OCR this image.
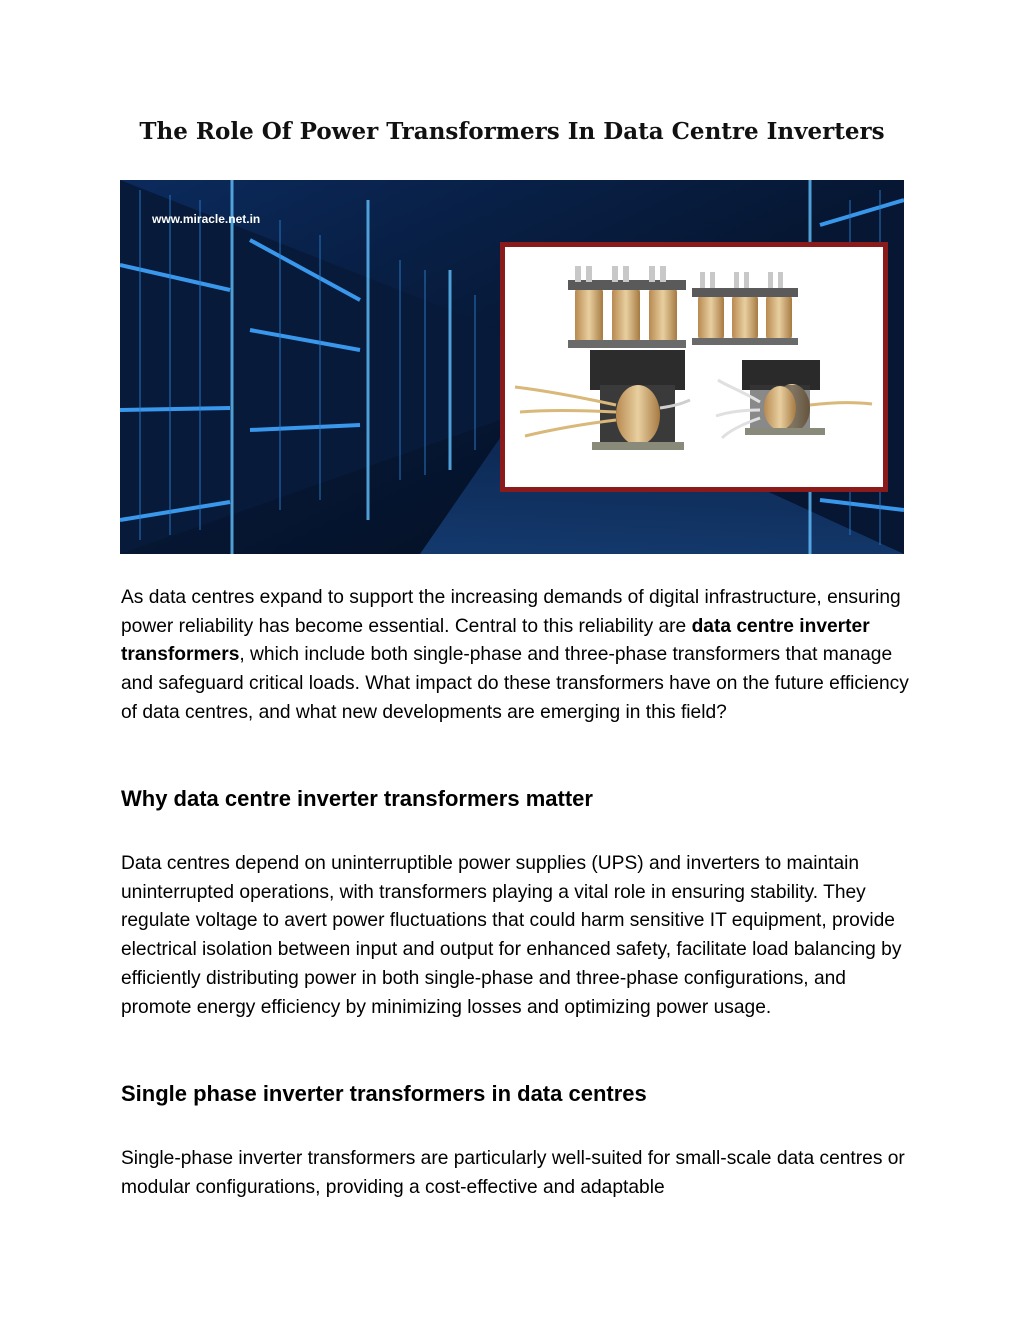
The Role Of Power Transformers In Data Centre Inverters
www.miracle.net.in

As data centres expand to support the increasing demands of digital infrastructure, ensuring power reliability has become essential. Central to this reliability are data centre inverter transformers, which include both single-phase and three-phase transformers that manage and safeguard critical loads. What impact do these transformers have on the future efficiency of data centres, and what new developments are emerging in this field?

Why data centre inverter transformers matter

Data centres depend on uninterruptible power supplies (UPS) and inverters to maintain uninterrupted operations, with transformers playing a vital role in ensuring stability. They regulate voltage to avert power fluctuations that could harm sensitive IT equipment, provide electrical isolation between input and output for enhanced safety, facilitate load balancing by efficiently distributing power in both single-phase and three-phase configurations, and promote energy efficiency by minimizing losses and optimizing power usage.

Single phase inverter transformers in data centres

Single-phase inverter transformers are particularly well-suited for small-scale data centres or modular configurations, providing a cost-effective and adaptable
